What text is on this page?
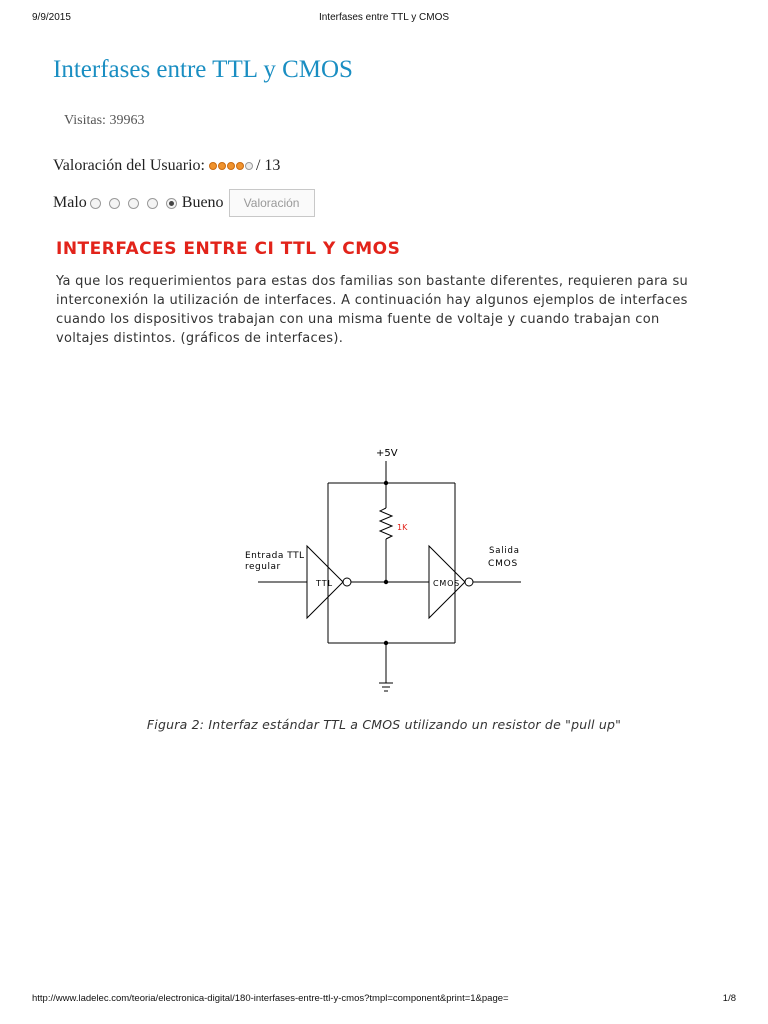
9/9/2015	Interfases entre TTL y CMOS
Interfases entre TTL y CMOS
Visitas: 39963
Valoración del Usuario:	/ 13
Malo	Bueno	Valoración
INTERFACES ENTRE CI TTL Y CMOS

Ya que los requerimientos para estas dos familias son bastante diferentes, requieren para su
interconexión la utilización de interfaces. A continuación hay algunos ejemplos de interfaces
cuando los dispositivos trabajan con una misma fuente de voltaje y cuando trabajan con
voltajes distintos. (gráficos de interfaces).

+5V
1K
Entrada TTL
regular
Salida
CMOS
TTL	CMOS
Figura 2: Interfaz estándar TTL a CMOS utilizando un resistor de "pull up"
http://www.ladelec.com/teoria/electronica-digital/180-interfases-entre-ttl-y-cmos?tmpl=component&print=1&page=	1/8
